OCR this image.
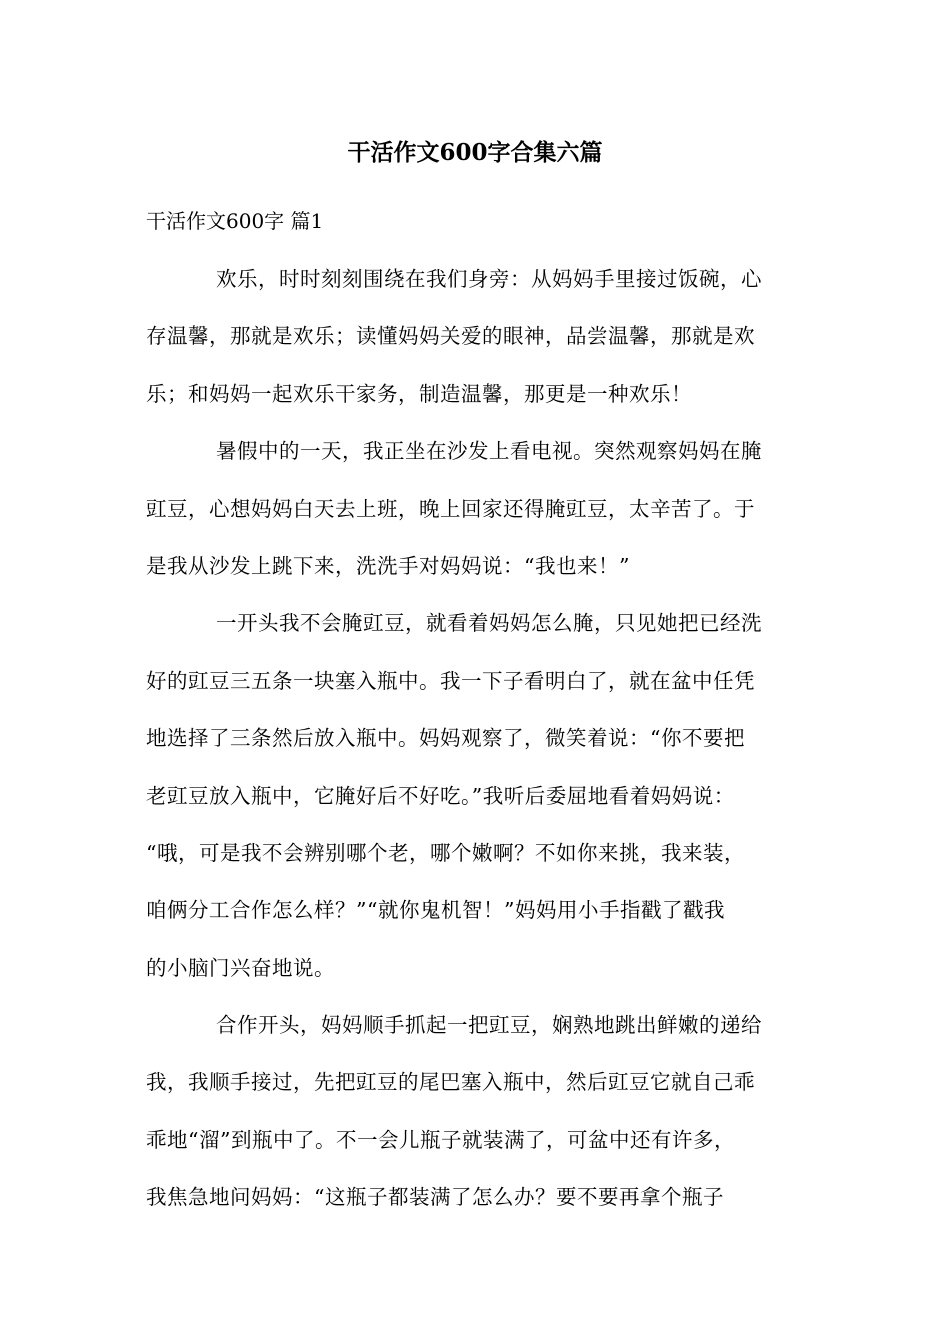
干活作文600字合集六篇
干活作文600字 篇1
欢乐，时时刻刻围绕在我们身旁：从妈妈手里接过饭碗，心
存温馨，那就是欢乐；读懂妈妈关爱的眼神，品尝温馨，那就是欢
乐；和妈妈一起欢乐干家务，制造温馨，那更是一种欢乐！
暑假中的一天，我正坐在沙发上看电视。突然观察妈妈在腌
豇豆，心想妈妈白天去上班，晚上回家还得腌豇豆，太辛苦了。于
是我从沙发上跳下来，洗洗手对妈妈说：“我也来！”
一开头我不会腌豇豆，就看着妈妈怎么腌，只见她把已经洗
好的豇豆三五条一块塞入瓶中。我一下子看明白了，就在盆中任凭
地选择了三条然后放入瓶中。妈妈观察了，微笑着说：“你不要把
老豇豆放入瓶中，它腌好后不好吃。”我听后委屈地看着妈妈说：
“哦，可是我不会辨别哪个老，哪个嫩啊？不如你来挑，我来装，
咱俩分工合作怎么样？”“就你鬼机智！”妈妈用小手指戳了戳我
的小脑门兴奋地说。
合作开头，妈妈顺手抓起一把豇豆，娴熟地跳出鲜嫩的递给
我，我顺手接过，先把豇豆的尾巴塞入瓶中，然后豇豆它就自己乖
乖地“溜”到瓶中了。不一会儿瓶子就装满了，可盆中还有许多，
我焦急地问妈妈：“这瓶子都装满了怎么办？要不要再拿个瓶子
